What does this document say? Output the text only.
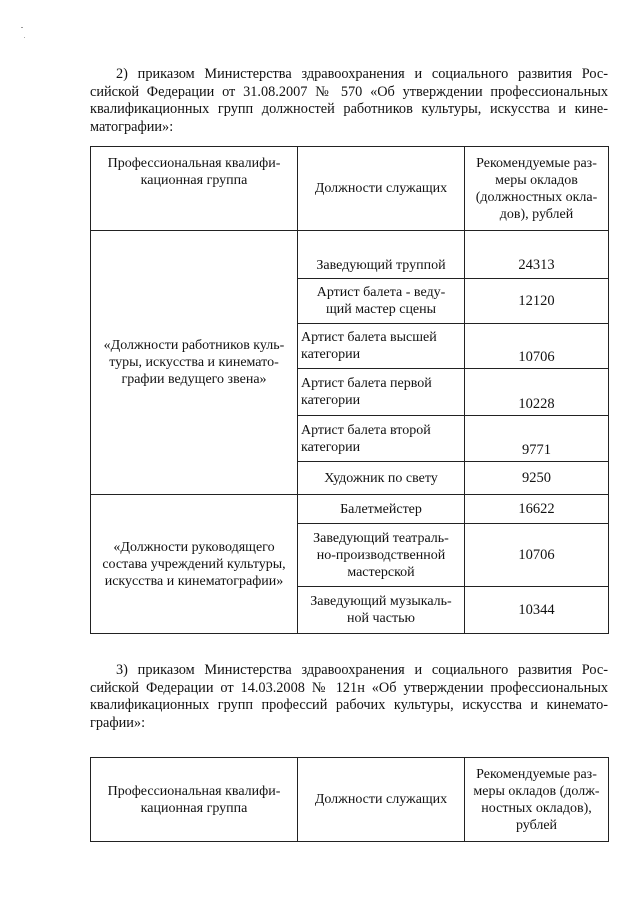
2) приказом Министерства здравоохранения и социального развития Рос-
сийской Федерации от 31.08.2007 № 570 «Об утверждении профессиональных
квалификационных групп должностей работников культуры, искусства и кине-
матографии»:
Профессиональная квалифи-
кационная группа	Должности служащих	Рекомендуемые раз-
меры окладов
(должностных окла-
дов), рублей
«Должности работников куль-
туры, искусства и кинемато-
графии ведущего звена»		
	Заведующий труппой	24313
	Артист балета - веду-
щий мастер сцены	12120
	Артист балета высшей
категории	10706
	Артист балета первой
категории	10228
	Артист балета второй
категории	9771
	Художник по свету	9250
«Должности руководящего
состава учреждений культуры,
искусства и кинематографии»	Балетмейстер	16622
	Заведующий театраль-
но-производственной
мастерской	10706
	Заведующий музыкаль-
ной частью	10344
3) приказом Министерства здравоохранения и социального развития Рос-
сийской Федерации от 14.03.2008 № 121н «Об утверждении профессиональных
квалификационных групп профессий рабочих культуры, искусства и кинемато-
графии»:
Профессиональная квалифи-
кационная группа	Должности служащих	Рекомендуемые раз-
меры окладов (долж-
ностных окладов),
рублей
